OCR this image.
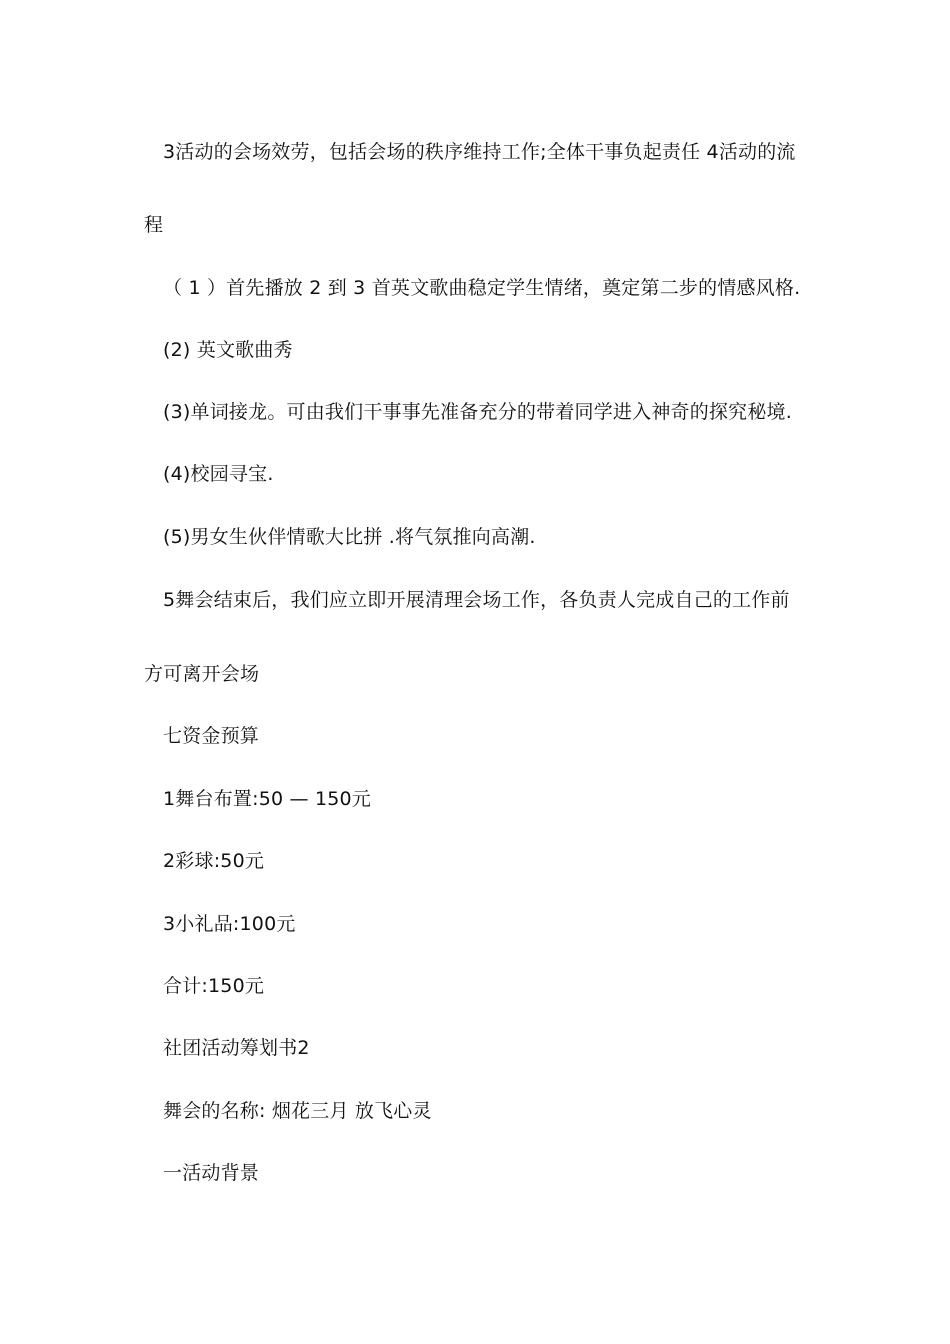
3活动的会场效劳，包括会场的秩序维持工作;全体干事负起责任 4活动的流
程
（ 1 ）首先播放 2 到 3 首英文歌曲稳定学生情绪，奠定第二步的情感风格.
(2) 英文歌曲秀
(3)单词接龙。可由我们干事事先准备充分的带着同学进入神奇的探究秘境.
(4)校园寻宝.
(5)男女生伙伴情歌大比拼 .将气氛推向高潮.
5舞会结束后，我们应立即开展清理会场工作，各负责人完成自己的工作前
方可离开会场
七资金预算
1舞台布置:50 — 150元
2彩球:50元
3小礼品:100元
合计:150元
社团活动筹划书2
舞会的名称: 烟花三月 放飞心灵
一活动背景
